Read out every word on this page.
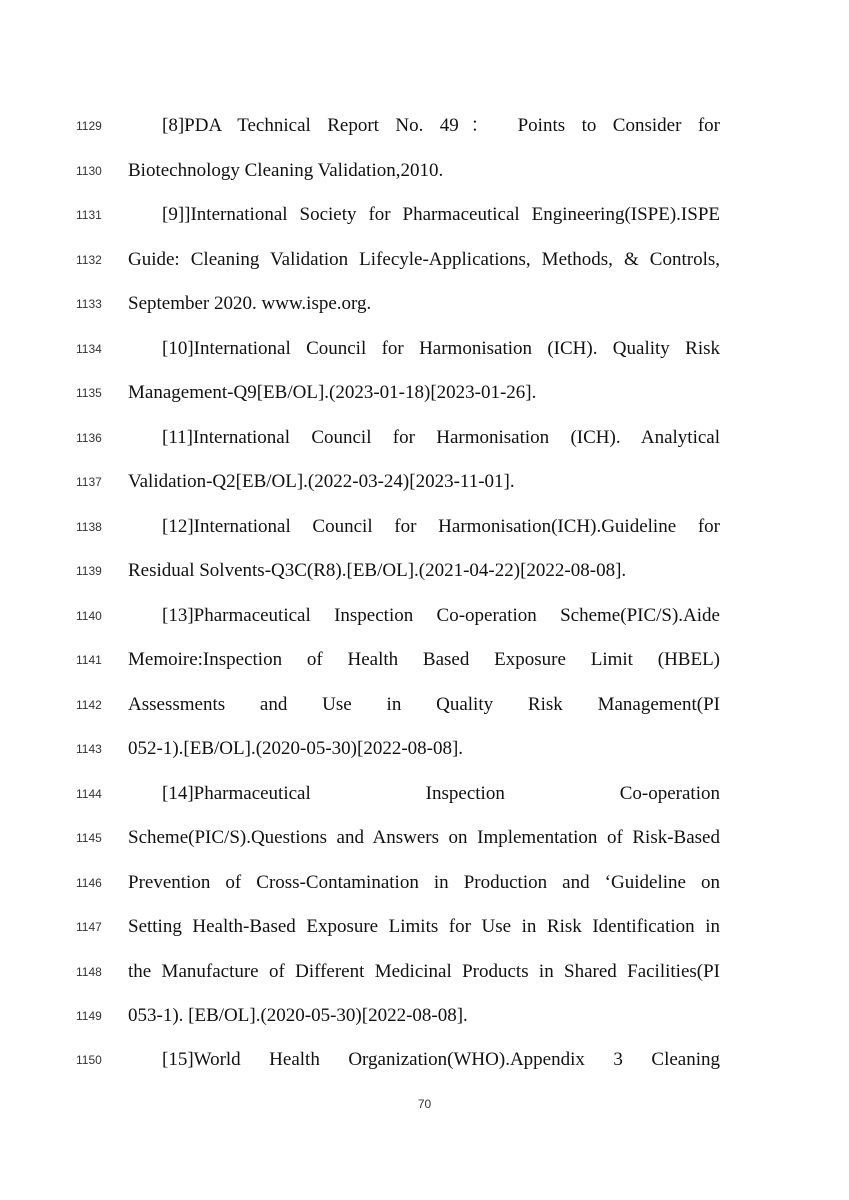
1129	[8]PDA Technical Report No. 49： Points to Consider for
1130 Biotechnology Cleaning Validation,2010.
1131	[9]]International Society for Pharmaceutical Engineering(ISPE).ISPE
1132 Guide: Cleaning Validation Lifecyle-Applications, Methods, & Controls,
1133 September 2020. www.ispe.org.
1134	[10]International Council for Harmonisation (ICH). Quality Risk
1135 Management-Q9[EB/OL].(2023-01-18)[2023-01-26].
1136	[11]International Council for Harmonisation (ICH). Analytical
1137 Validation-Q2[EB/OL].(2022-03-24)[2023-11-01].
1138	[12]International Council for Harmonisation(ICH).Guideline for
1139 Residual Solvents-Q3C(R8).[EB/OL].(2021-04-22)[2022-08-08].
1140	[13]Pharmaceutical Inspection Co-operation Scheme(PIC/S).Aide
1141 Memoire:Inspection of Health Based Exposure Limit (HBEL)
1142 Assessments and Use in Quality Risk Management(PI
1143 052-1).[EB/OL].(2020-05-30)[2022-08-08].
1144	[14]Pharmaceutical Inspection Co-operation
1145 Scheme(PIC/S).Questions and Answers on Implementation of Risk-Based
1146 Prevention of Cross-Contamination in Production and ‘Guideline on
1147 Setting Health-Based Exposure Limits for Use in Risk Identification in
1148 the Manufacture of Different Medicinal Products in Shared Facilities(PI
1149 053-1). [EB/OL].(2020-05-30)[2022-08-08].
1150	[15]World Health Organization(WHO).Appendix 3 Cleaning
70
